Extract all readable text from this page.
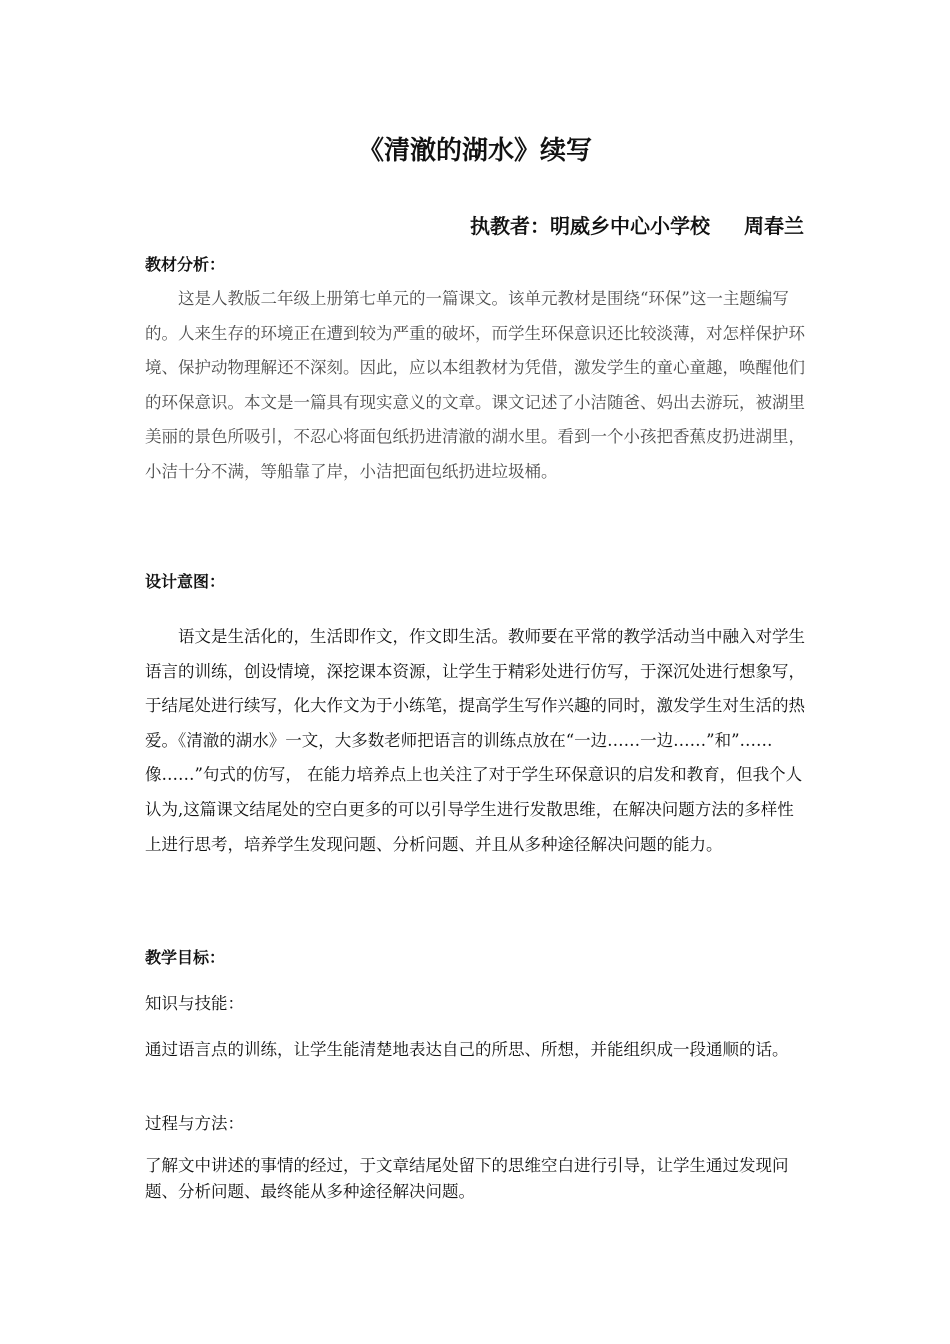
《清澈的湖水》续写
执教者：明威乡中心小学校 周春兰
教材分析：
这是人教版二年级上册第七单元的一篇课文。该单元教材是围绕“环保”这一主题编写的。人来生存的环境正在遭到较为严重的破坏，而学生环保意识还比较淡薄，对怎样保护环境、保护动物理解还不深刻。因此，应以本组教材为凭借，激发学生的童心童趣，唤醒他们的环保意识。本文是一篇具有现实意义的文章。课文记述了小洁随爸、妈出去游玩，被湖里美丽的景色所吸引，不忍心将面包纸扔进清澈的湖水里。看到一个小孩把香蕉皮扔进湖里，小洁十分不满，等船靠了岸，小洁把面包纸扔进垃圾桶。
设计意图：
语文是生活化的，生活即作文，作文即生活。教师要在平常的教学活动当中融入对学生语言的训练，创设情境，深挖课本资源，让学生于精彩处进行仿写，于深沉处进行想象写，于结尾处进行续写，化大作文为于小练笔，提高学生写作兴趣的同时，激发学生对生活的热爱。《清澈的湖水》一文，大多数老师把语言的训练点放在“一边……一边……”和”……像……”句式的仿写， 在能力培养点上也关注了对于学生环保意识的启发和教育，但我个人认为,这篇课文结尾处的空白更多的可以引导学生进行发散思维，在解决问题方法的多样性上进行思考，培养学生发现问题、分析问题、并且从多种途径解决问题的能力。
教学目标：
知识与技能：
通过语言点的训练，让学生能清楚地表达自己的所思、所想，并能组织成一段通顺的话。
过程与方法：
了解文中讲述的事情的经过，于文章结尾处留下的思维空白进行引导，让学生通过发现问题、分析问题、最终能从多种途径解决问题。
